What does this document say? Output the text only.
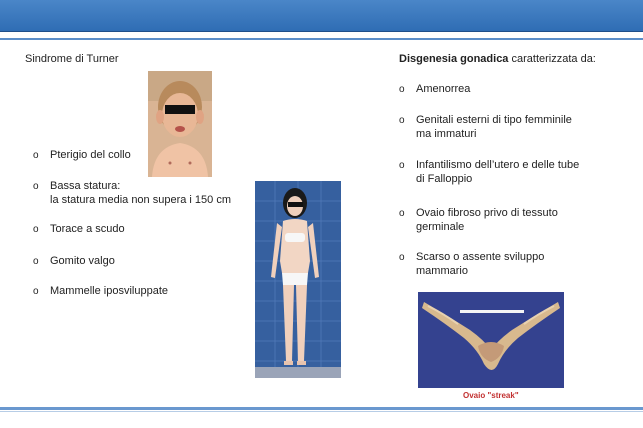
Sindrome di Turner	Disgenesia gonadica caratterizzata da:
o Pterigio del collo
o Bassa statura:
la statura media non supera i 150 cm
o Torace a scudo
o Gomito valgo
o Mammelle iposviluppate
o Amenorrea
o Genitali esterni di tipo femminile
ma immaturi
o Infantilismo dell’utero e delle tube
di Falloppio
o Ovaio fibroso privo di tessuto
germinale
o Scarso o assente sviluppo
mammario
Ovaio "streak"
